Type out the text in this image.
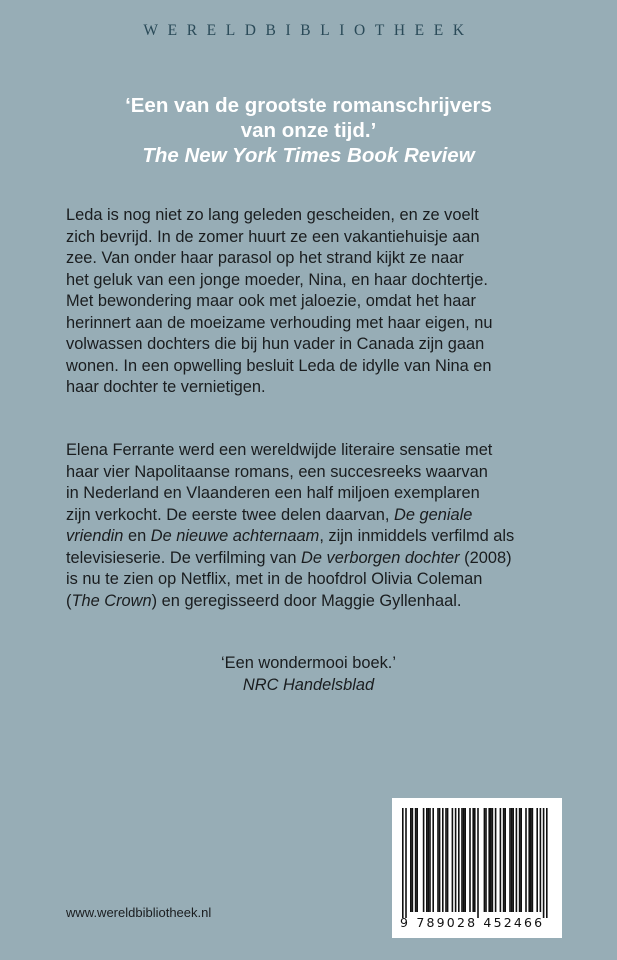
WERELDBIBLIOTHEEK
‘Een van de grootste romanschrijvers
van onze tijd.’
The New York Times Book Review
Leda is nog niet zo lang geleden gescheiden, en ze voelt
zich bevrijd. In de zomer huurt ze een vakantiehuisje aan
zee. Van onder haar parasol op het strand kijkt ze naar
het geluk van een jonge moeder, Nina, en haar dochtertje.
Met bewondering maar ook met jaloezie, omdat het haar
herinnert aan de moeizame verhouding met haar eigen, nu
volwassen dochters die bij hun vader in Canada zijn gaan
wonen. In een opwelling besluit Leda de idylle van Nina en
haar dochter te vernietigen.
Elena Ferrante werd een wereldwijde literaire sensatie met
haar vier Napolitaanse romans, een succesreeks waarvan
in Nederland en Vlaanderen een half miljoen exemplaren
zijn verkocht. De eerste twee delen daarvan, De geniale
vriendin en De nieuwe achternaam, zijn inmiddels verfilmd als
televisieserie. De verfilming van De verborgen dochter (2008)
is nu te zien op Netflix, met in de hoofdrol Olivia Coleman
(The Crown) en geregisseerd door Maggie Gyllenhaal.
‘Een wondermooi boek.’
NRC Handelsblad
www.wereldbibliotheek.nl
9 789028 452466
